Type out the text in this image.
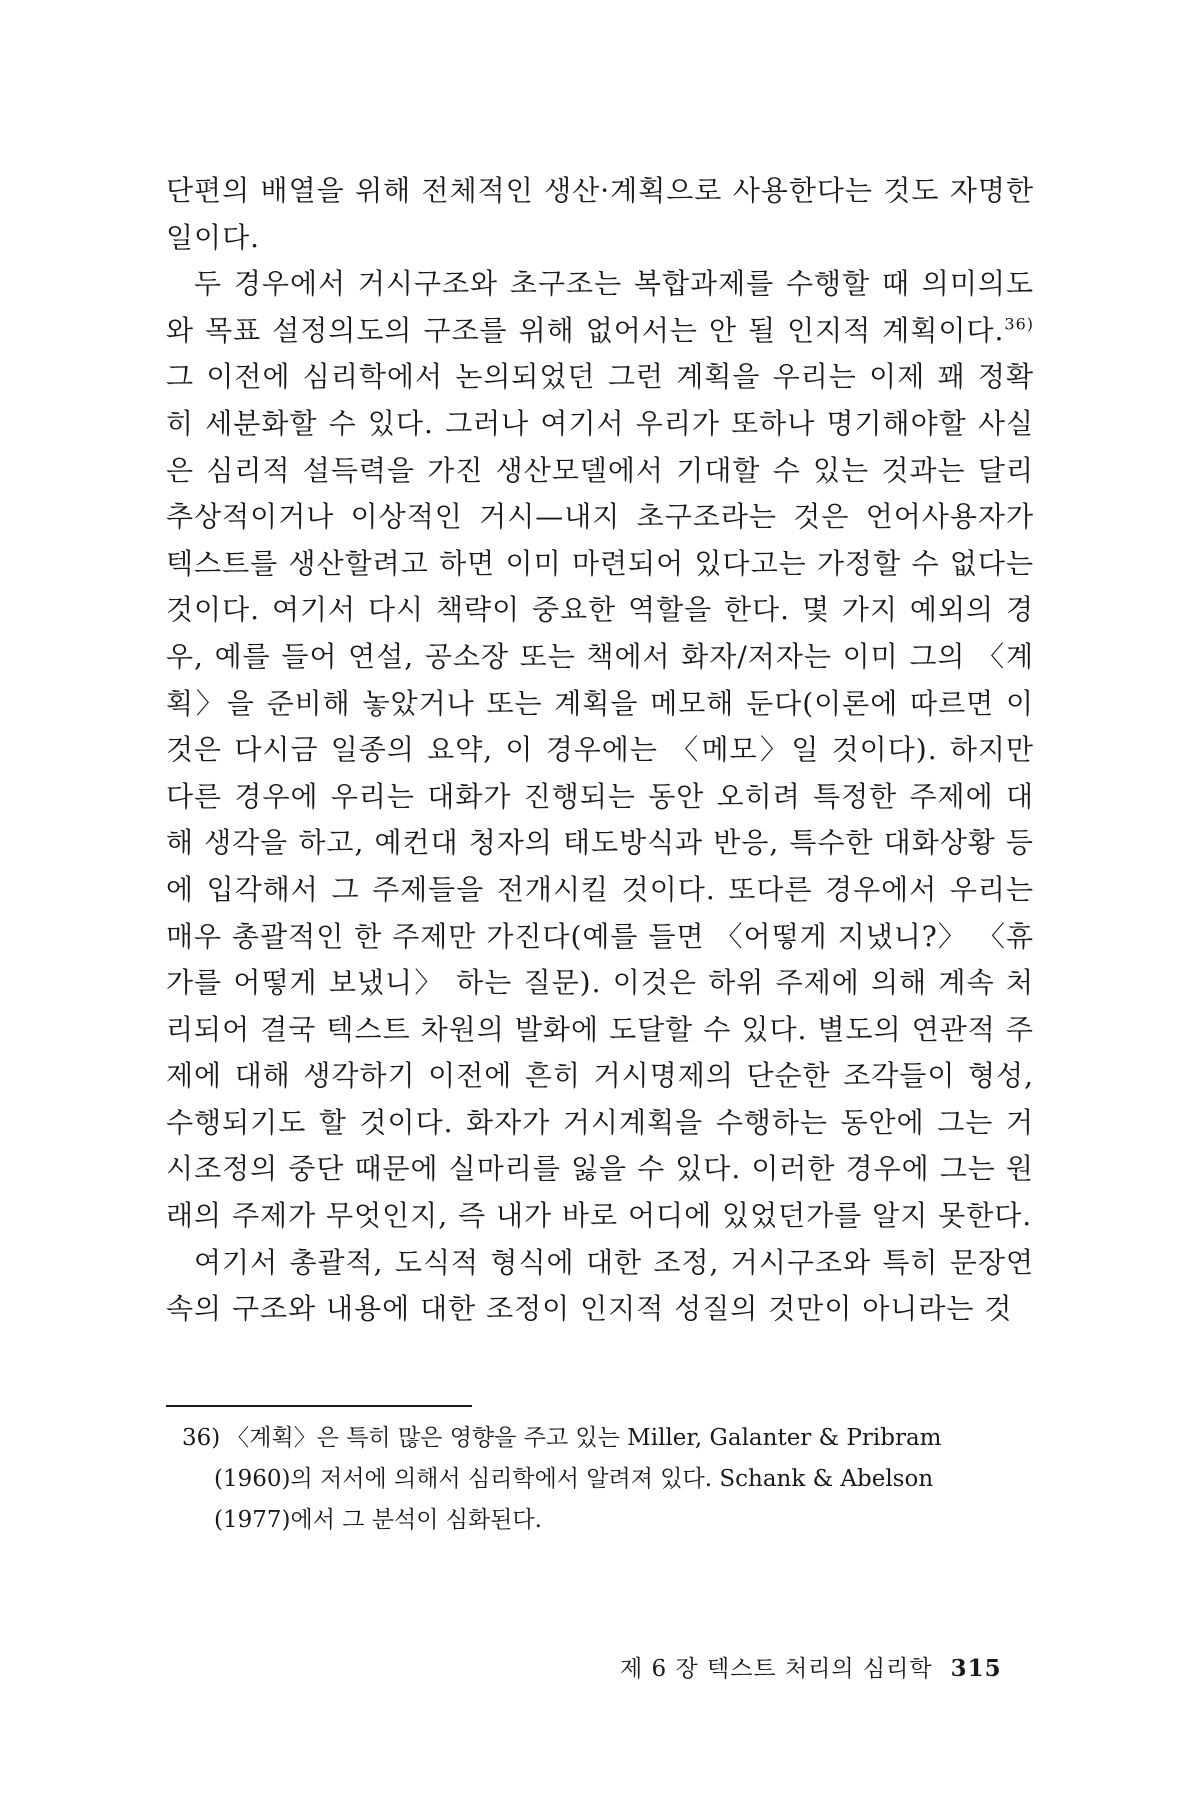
단편의 배열을 위해 전체적인 생산·계획으로 사용한다는 것도 자명한 일이다.

두 경우에서 거시구조와 초구조는 복합과제를 수행할 때 의미의도와 목표 설정의도의 구조를 위해 없어서는 안 될 인지적 계획이다.$^{36)}$ 그 이전에 심리학에서 논의되었던 그런 계획을 우리는 이제 꽤 정확히 세분화할 수 있다. 그러나 여기서 우리가 또하나 명기해야할 사실은 심리적 설득력을 가진 생산모델에서 기대할 수 있는 것과는 달리 추상적이거나 이상적인 거시—내지 초구조라는 것은 언어사용자가 텍스트를 생산할려고 하면 이미 마련되어 있다고는 가정할 수 없다는 것이다. 여기서 다시 책략이 중요한 역할을 한다. 몇 가지 예외의 경우, 예를 들어 연설, 공소장 또는 책에서 화자/저자는 이미 그의 〈계획〉을 준비해 놓았거나 또는 계획을 메모해 둔다(이론에 따르면 이것은 다시금 일종의 요약, 이 경우에는 〈메모〉일 것이다). 하지만 다른 경우에 우리는 대화가 진행되는 동안 오히려 특정한 주제에 대해 생각을 하고, 예컨대 청자의 태도방식과 반응, 특수한 대화상황 등에 입각해서 그 주제들을 전개시킬 것이다. 또다른 경우에서 우리는 매우 총괄적인 한 주제만 가진다(예를 들면 〈어떻게 지냈니?〉 〈휴가를 어떻게 보냈니〉 하는 질문). 이것은 하위 주제에 의해 계속 처리되어 결국 텍스트 차원의 발화에 도달할 수 있다. 별도의 연관적 주제에 대해 생각하기 이전에 흔히 거시명제의 단순한 조각들이 형성, 수행되기도 할 것이다. 화자가 거시계획을 수행하는 동안에 그는 거시조정의 중단 때문에 실마리를 잃을 수 있다. 이러한 경우에 그는 원래의 주제가 무엇인지, 즉 내가 바로 어디에 있었던가를 알지 못한다.

여기서 총괄적, 도식적 형식에 대한 조정, 거시구조와 특히 문장연속의 구조와 내용에 대한 조정이 인지적 성질의 것만이 아니라는 것

36) 〈계획〉은 특히 많은 영향을 주고 있는 Miller, Galanter & Pribram
(1960)의 저서에 의해서 심리학에서 알려져 있다. Schank & Abelson
(1977)에서 그 분석이 심화된다.
제 6 장 텍스트 처리의 심리학 315
